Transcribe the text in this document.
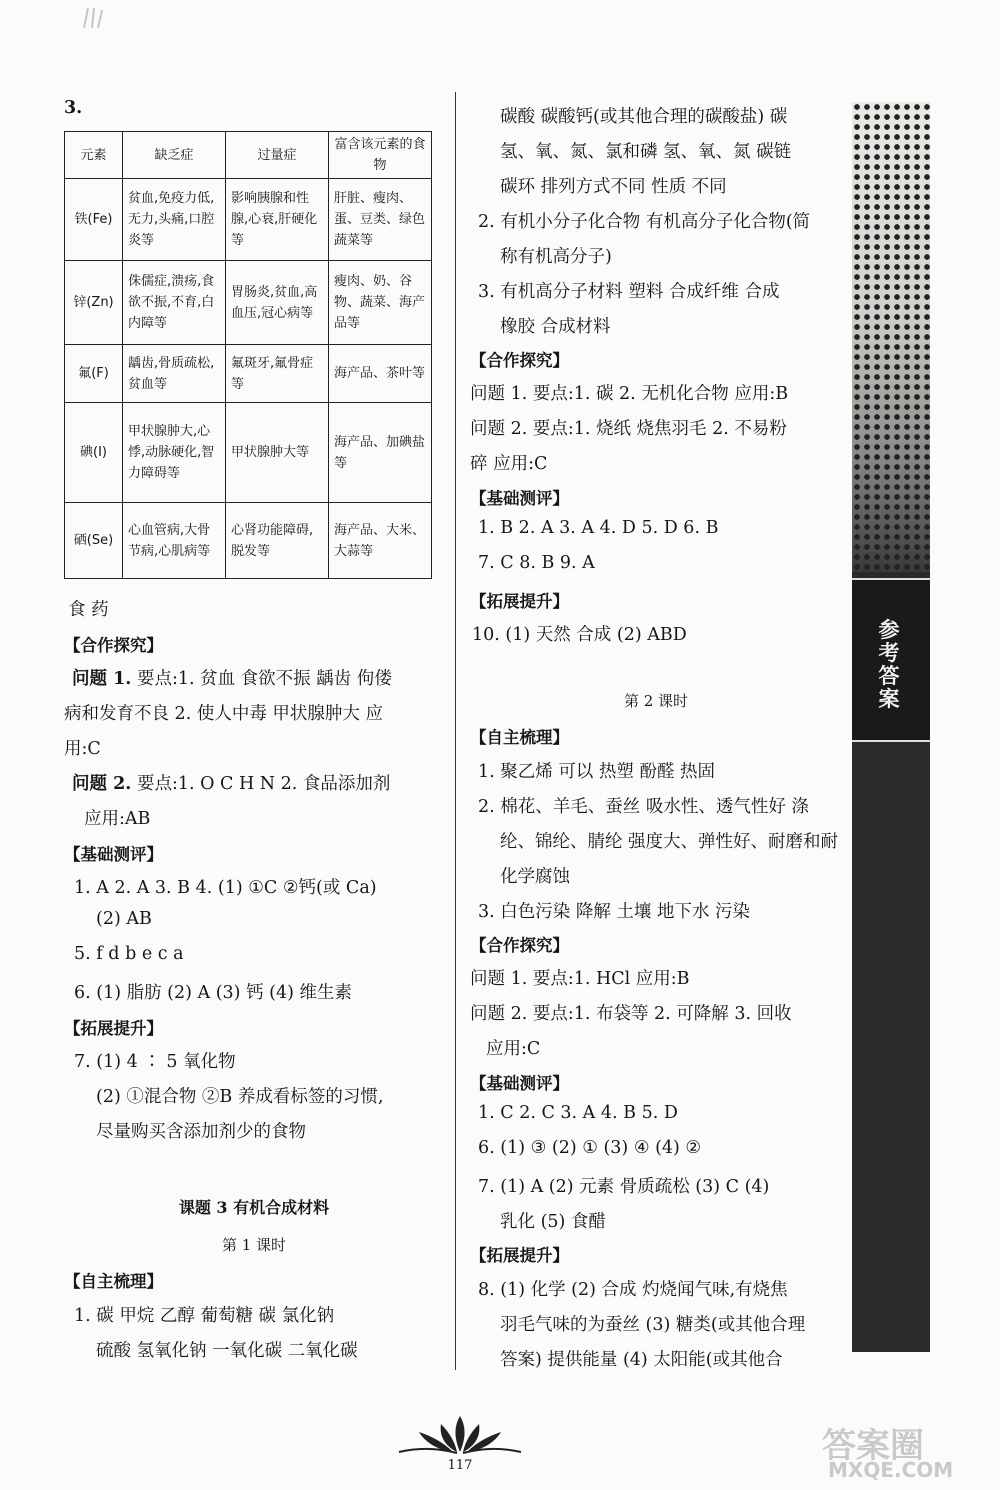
3.
元素	缺乏症	过量症	富含该元素的食物
铁(Fe)	贫血,免疫力低,无力,头痛,口腔炎等	影响胰腺和性腺,心衰,肝硬化等	肝脏、瘦肉、蛋、豆类、绿色蔬菜等
锌(Zn)	侏儒症,溃疡,食欲不振,不育,白内障等	胃肠炎,贫血,高血压,冠心病等	瘦肉、奶、谷物、蔬菜、海产品等
氟(F)	龋齿,骨质疏松,贫血等	氟斑牙,氟骨症等	海产品、茶叶等
碘(I)	甲状腺肿大,心悸,动脉硬化,智力障碍等	甲状腺肿大等	海产品、加碘盐等
硒(Se)	心血管病,大骨节病,心肌病等	心肾功能障碍,脱发等	海产品、大米、大蒜等
食 药
【合作探究】
问题 1. 要点:1. 贫血 食欲不振 龋齿 佝偻
病和发育不良 2. 使人中毒 甲状腺肿大 应
用:C
问题 2. 要点:1. O C H N 2. 食品添加剂
应用:AB
【基础测评】
1. A 2. A 3. B 4. (1) ①C ②钙(或 Ca)
(2) AB
5. f d b e c a
6. (1) 脂肪 (2) A (3) 钙 (4) 维生素
【拓展提升】
7. (1) 4 ∶ 5 氧化物
(2) ①混合物 ②B 养成看标签的习惯,
尽量购买含添加剂少的食物
课题 3 有机合成材料
第 1 课时
【自主梳理】
1. 碳 甲烷 乙醇 葡萄糖 碳 氯化钠
硫酸 氢氧化钠 一氧化碳 二氧化碳
碳酸 碳酸钙(或其他合理的碳酸盐) 碳
氢、氧、氮、氯和磷 氢、氧、氮 碳链
碳环 排列方式不同 性质 不同
2. 有机小分子化合物 有机高分子化合物(简
称有机高分子)
3. 有机高分子材料 塑料 合成纤维 合成
橡胶 合成材料
【合作探究】
问题 1. 要点:1. 碳 2. 无机化合物 应用:B
问题 2. 要点:1. 烧纸 烧焦羽毛 2. 不易粉
碎 应用:C
【基础测评】
1. B 2. A 3. A 4. D 5. D 6. B
7. C 8. B 9. A
【拓展提升】
10. (1) 天然 合成 (2) ABD
第 2 课时
【自主梳理】
1. 聚乙烯 可以 热塑 酚醛 热固
2. 棉花、羊毛、蚕丝 吸水性、透气性好 涤
纶、锦纶、腈纶 强度大、弹性好、耐磨和耐
化学腐蚀
3. 白色污染 降解 土壤 地下水 污染
【合作探究】
问题 1. 要点:1. HCl 应用:B
问题 2. 要点:1. 布袋等 2. 可降解 3. 回收
应用:C
【基础测评】
1. C 2. C 3. A 4. B 5. D
6. (1) ③ (2) ① (3) ④ (4) ②
7. (1) A (2) 元素 骨质疏松 (3) C (4)
乳化 (5) 食醋
【拓展提升】
8. (1) 化学 (2) 合成 灼烧闻气味,有烧焦
羽毛气味的为蚕丝 (3) 糖类(或其他合理
答案) 提供能量 (4) 太阳能(或其他合
参考答案
117	答案圈
MXQE.COM
